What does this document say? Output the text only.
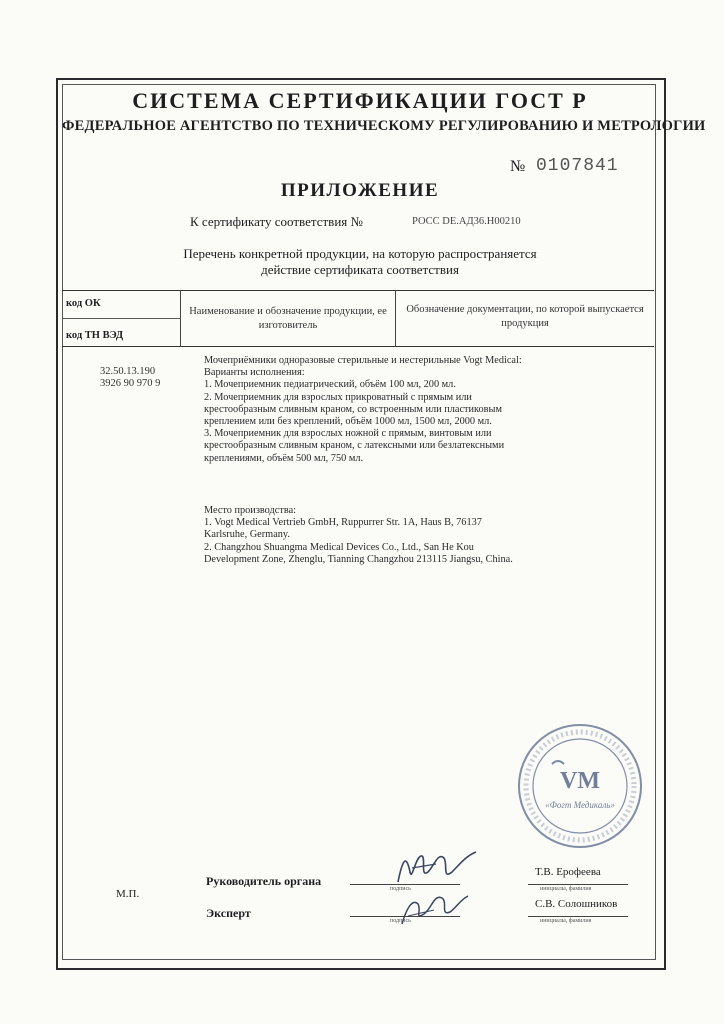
СИСТЕМА СЕРТИФИКАЦИИ ГОСТ Р
ФЕДЕРАЛЬНОЕ АГЕНТСТВО ПО ТЕХНИЧЕСКОМУ РЕГУЛИРОВАНИЮ И МЕТРОЛОГИИ
№ 0107841
ПРИЛОЖЕНИЕ
К сертификату соответствия №	РОСС DE.АД36.Н00210
Перечень конкретной продукции, на которую распространяется
действие сертификата соответствия
код ОК
код ТН ВЭД
Наименование и обозначение продукции, ее изготовитель
Обозначение документации, по которой выпускается продукция
32.50.13.190
3926 90 970 9
Мочеприёмники одноразовые стерильные и нестерильные Vogt Medical:
Варианты исполнения:
1. Мочеприемник педиатрический, объём 100 мл, 200 мл.
2. Мочеприемник для взрослых прикроватный с прямым или
крестообразным сливным краном, со встроенным или пластиковым
креплением или без креплений, объём 1000 мл, 1500 мл, 2000 мл.
3. Мочеприемник для взрослых ножной с прямым, винтовым или
крестообразным сливным краном, с латексными или безлатексными
креплениями, объём 500 мл, 750 мл.
Место производства:
1. Vogt Medical Vertrieb GmbH, Ruppurrer Str. 1A, Haus B, 76137
Karlsruhe, Germany.
2. Changzhou Shuangma Medical Devices Co., Ltd., San He Kou
Development Zone, Zhenglu, Tianning Changzhou 213115 Jiangsu, China.
VM
«Фогт Медикаль»
М.П.
Руководитель органа
Эксперт
подпись
подпись
инициалы, фамилия
инициалы, фамилия
Т.В. Ерофеева
С.В. Солошников
